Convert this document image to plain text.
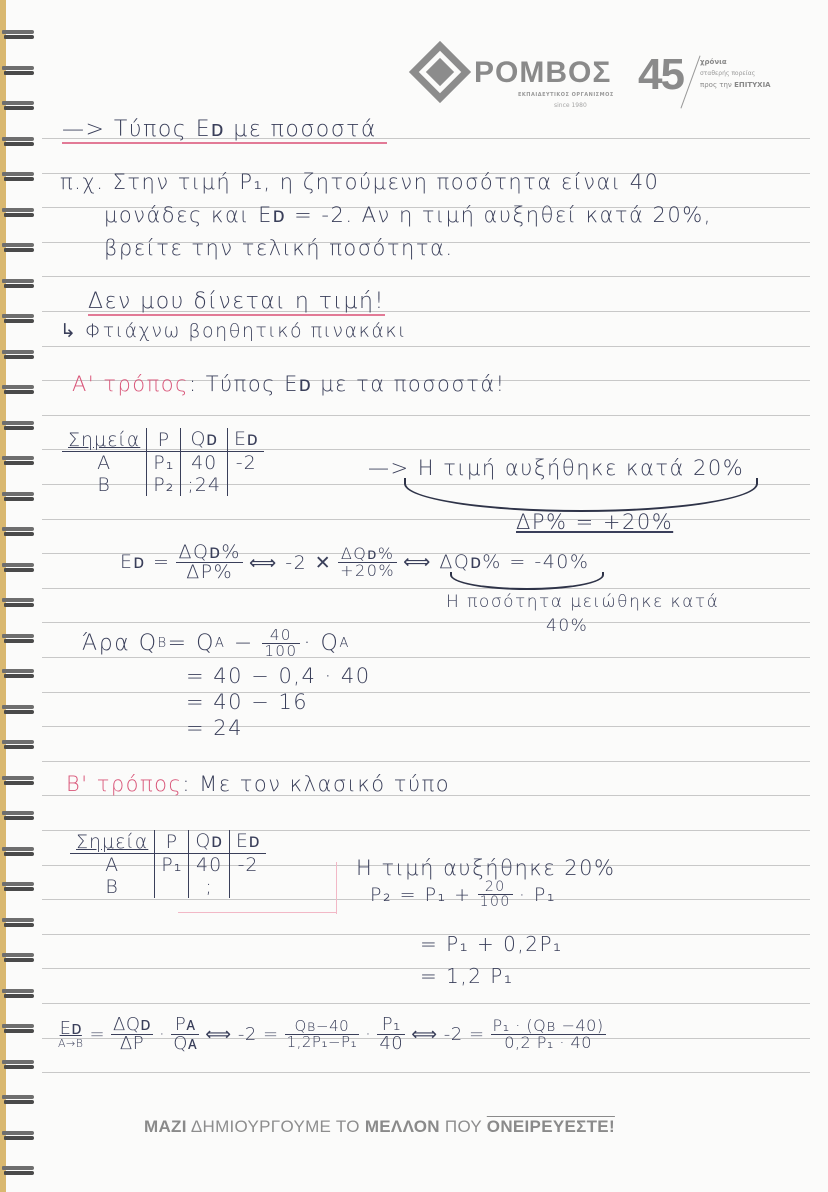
ΡΟΜΒΟΣ
ΕΚΠΑΙΔΕΥΤΙΚΟΣ ΟΡΓΑΝΙΣΜΟΣ
since 1980
45 χρόνια
σταθερής πορείας
προς την ΕΠΙΤΥΧΙΑ
—> Τύπος Eᴅ με ποσοστά
π.χ. Στην τιμή P₁, η ζητούμενη ποσότητα είναι 40
μονάδες και Eᴅ = -2. Αν η τιμή αυξηθεί κατά 20%,
βρείτε την τελική ποσότητα.
Δεν μου δίνεται η τιμή!
↳ Φτιάχνω βοηθητικό πινακάκι
Α' τρόπος: Τύπος Eᴅ με τα ποσοστά!
Σημεία	P	Qᴅ	Eᴅ
A	P₁	40	-2
B	P₂	;24	
—> Η τιμή αυξήθηκε κατά 20%
ΔP% = +20%
Eᴅ = $\frac{\text{ΔQᴅ\%}}{\Delta P\%}$ ⟺ -2 ✕ $\frac{\text{ΔQᴅ\%}}{+20\%}$ ⟺ ΔQᴅ% = -40%
Η ποσότητα μειώθηκε κατά
40%
Άρα Q B = Q $A - \frac{40}{100} \cdot Q$ A
= 40 − 0,4 · 40
= 40 − 16
= 24
Β' τρόπος: Με τον κλασικό τύπο
Σημεία	P	Qᴅ	Eᴅ
A	P₁	40	-2
B		;	
Η τιμή αυξήθηκε 20%
$P_2 = P_1 + \frac{20}{100} \cdot P_1$
= P₁ + 0,2P₁
= 1,2 P₁
Eᴅ
$A\to B = \frac{\text{ΔQᴅ}}{\Delta P} \cdot \frac{\text{Pᴀ}}{\text{Qᴀ}}$ ⟺ $-2 = \frac{\text{Qʙ−40}}{\text{1,2P₁−P₁}} \cdot \frac{\text{P₁}}{40}$ ⟺ $-2 = \frac{\text{P₁ · (Qʙ −40)}}{\text{0,2 P₁ · 40}}$
ΜΑΖΙ ΔΗΜΙΟΥΡΓΟΥΜΕ ΤΟ ΜΕΛΛΟΝ ΠΟΥ ΟΝΕΙΡΕΥΕΣΤΕ!
